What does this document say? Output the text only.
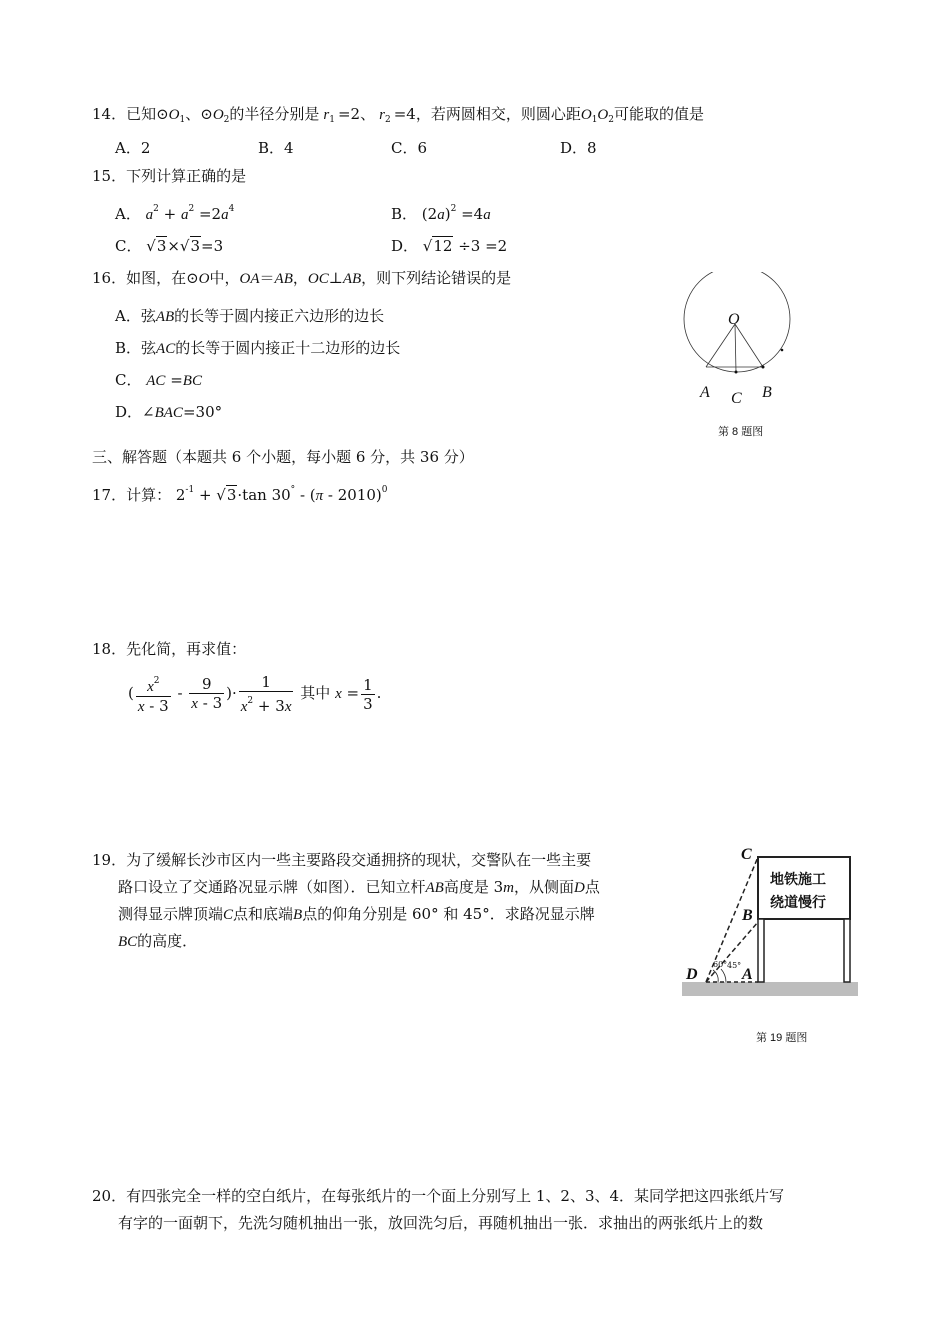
14．已知$⊙O_1$、$⊙O_2$的半径分别是 $r_1 =2$、 $r_2 =4$，若两圆相交，则圆心距$O_1O_2$可能取的值是
A．2	B．4	C．6	D．8
15．下列计算正确的是
A． $a^2 + a^2 =2a^4$	B． $(2a)^2 =4a$
C． √3×√3=3	D． √12 ÷3 =2
16．如图，在⊙O中，OA＝AB，OC⊥AB，则下列结论错误的是
A．弦AB的长等于圆内接正六边形的边长
B．弦AC的长等于圆内接正十二边形的边长
C． AC =BC
D．∠BAC=30°
O
A C B
第 8 题图
三、解答题（本题共 6 个小题，每小题 6 分，共 36 分）
17．计算： $2^{-1} + √3\cdot\tan$ 30° - (π - 2010)$^0$
18．先化简，再求值：
( $\frac{x^2}{x - 3} - \frac{9}{x - 3}$ )· $\frac{1}{x^2 + 3x}$ 其中 $x = \frac{1}{3}$ .
19．为了缓解长沙市区内一些主要路段交通拥挤的现状，交警队在一些主要
路口设立了交通路况显示牌（如图）．已知立杆AB高度是 3m，从侧面D点
测得显示牌顶端C点和底端B点的仰角分别是 60° 和 45°．求路况显示牌
BC的高度．
地铁施工
绕道慢行
C
B
A
D
60° 45°
第 19 题图
20．有四张完全一样的空白纸片，在每张纸片的一个面上分别写上 1、2、3、4．某同学把这四张纸片写
有字的一面朝下，先洗匀随机抽出一张，放回洗匀后，再随机抽出一张．求抽出的两张纸片上的数
